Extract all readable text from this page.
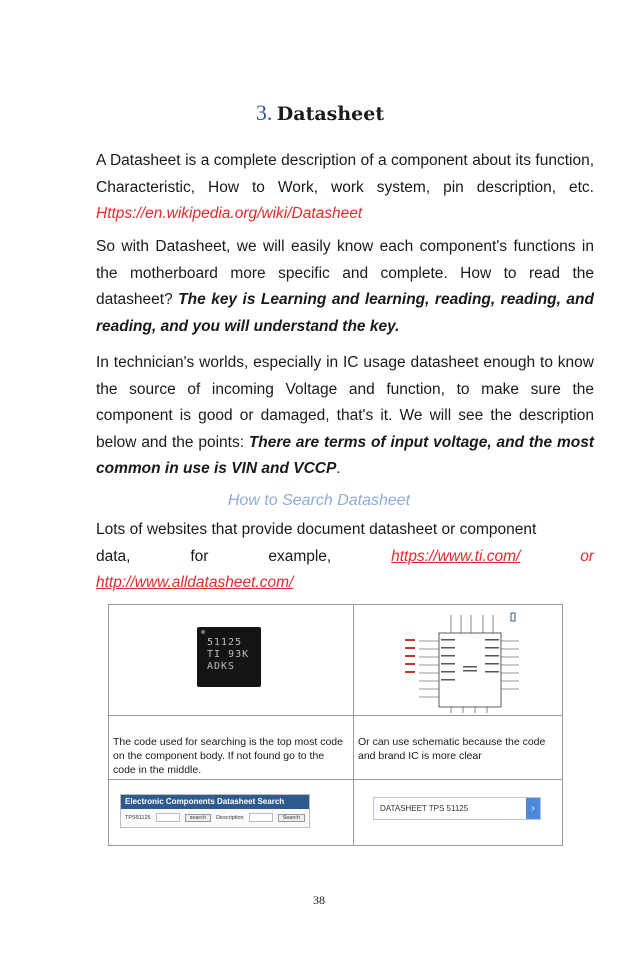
3. Datasheet
A Datasheet is a complete description of a component about its function, Characteristic, How to Work, work system, pin description, etc. Https://en.wikipedia.org/wiki/Datasheet
So with Datasheet, we will easily know each component's functions in the motherboard more specific and complete. How to read the datasheet? The key is Learning and learning, reading, reading, and reading, and you will understand the key.
In technician's worlds, especially in IC usage datasheet enough to know the source of incoming Voltage and function, to make sure the component is good or damaged, that's it. We will see the description below and the points: There are terms of input voltage, and the most common in use is VIN and VCCP.
How to Search Datasheet
Lots of websites that provide document datasheet or component
data,	for	example,	https://www.ti.com/	or
http://www.alldatasheet.com/
51125
TI 93K
ADKS
The code used for searching is the top most code on the component body. If not found go to the code in the middle.
Or can use schematic because the code and brand IC is more clear
Electronic Components Datasheet Search
TPS51125	search	Description	Search
DATASHEET TPS 51125	›
38
